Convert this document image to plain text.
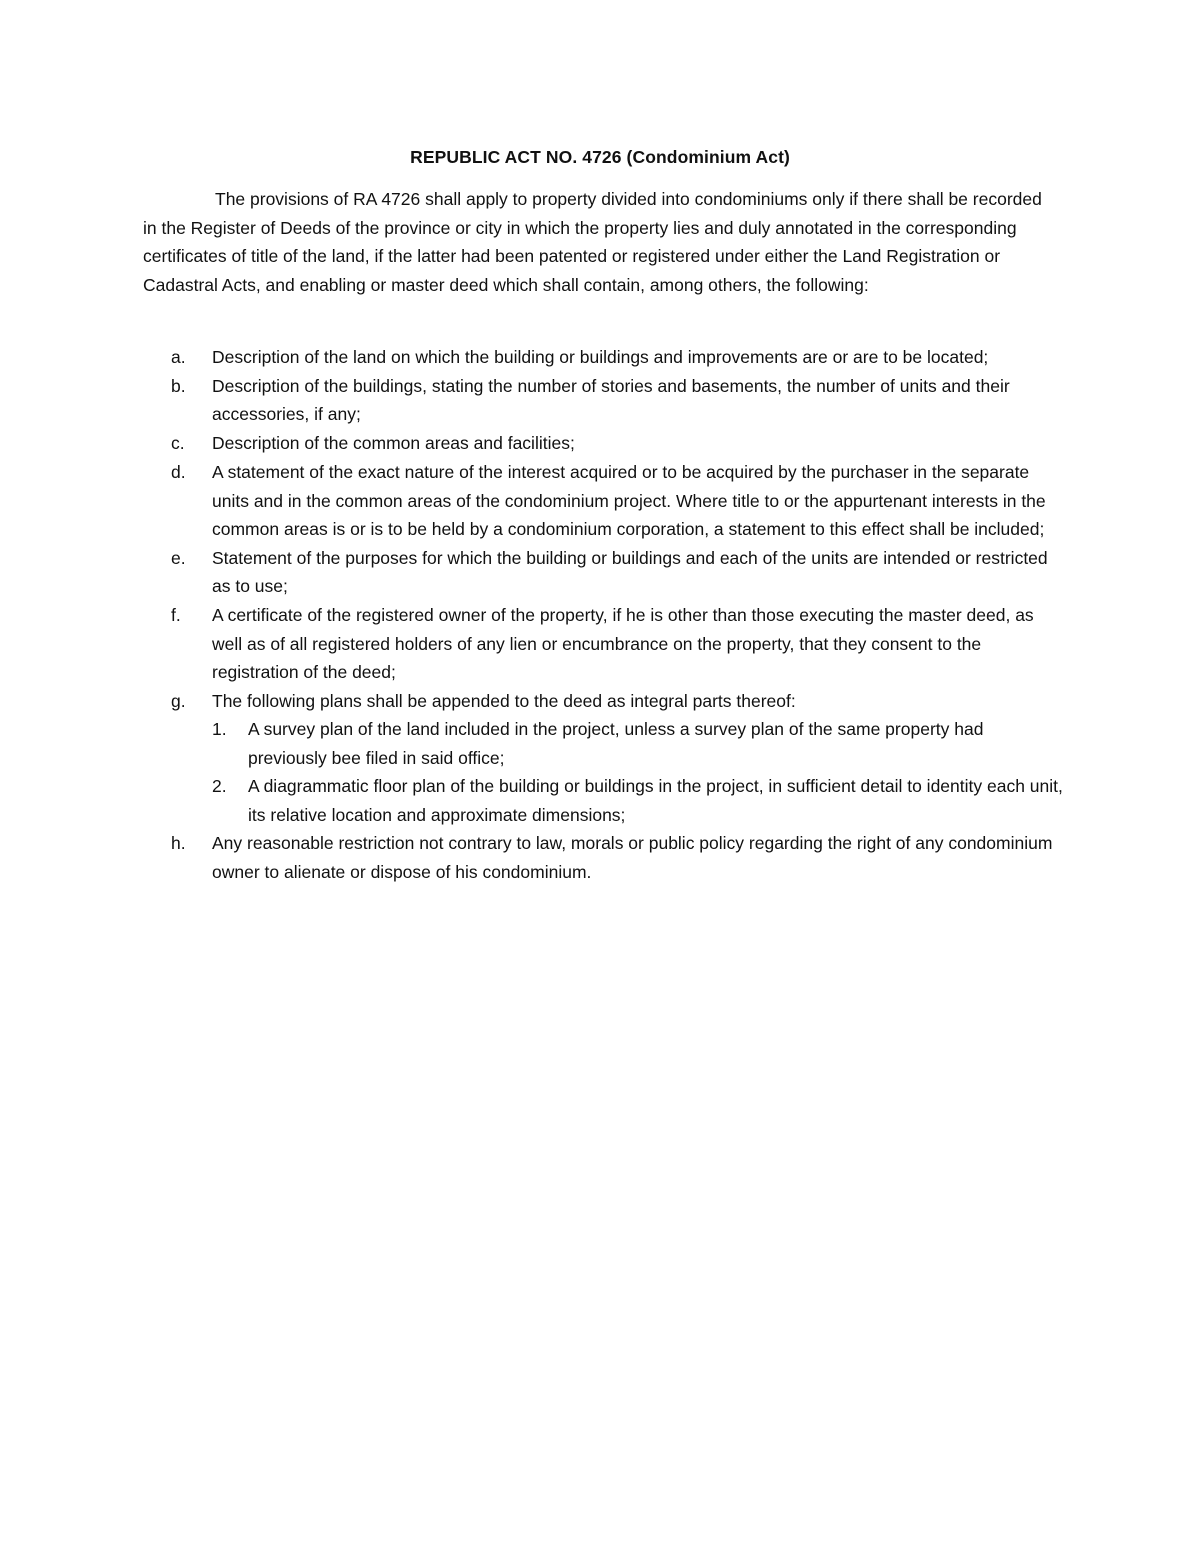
REPUBLIC ACT NO. 4726 (Condominium Act)

The provisions of RA 4726 shall apply to property divided into condominiums only if there shall be recorded in the Register of Deeds of the province or city in which the property lies and duly annotated in the corresponding certificates of title of the land, if the latter had been patented or registered under either the Land Registration or Cadastral Acts, and enabling or master deed which shall contain, among others, the following:

a. Description of the land on which the building or buildings and improvements are or are to be located;
b. Description of the buildings, stating the number of stories and basements, the number of units and their accessories, if any;
c. Description of the common areas and facilities;
d. A statement of the exact nature of the interest acquired or to be acquired by the purchaser in the separate units and in the common areas of the condominium project. Where title to or the appurtenant interests in the common areas is or is to be held by a condominium corporation, a statement to this effect shall be included;
e. Statement of the purposes for which the building or buildings and each of the units are intended or restricted as to use;
f. A certificate of the registered owner of the property, if he is other than those executing the master deed, as well as of all registered holders of any lien or encumbrance on the property, that they consent to the registration of the deed;
g. The following plans shall be appended to the deed as integral parts thereof:
1. A survey plan of the land included in the project, unless a survey plan of the same property had previously bee filed in said office;
2. A diagrammatic floor plan of the building or buildings in the project, in sufficient detail to identity each unit, its relative location and approximate dimensions;
h. Any reasonable restriction not contrary to law, morals or public policy regarding the right of any condominium owner to alienate or dispose of his condominium.
